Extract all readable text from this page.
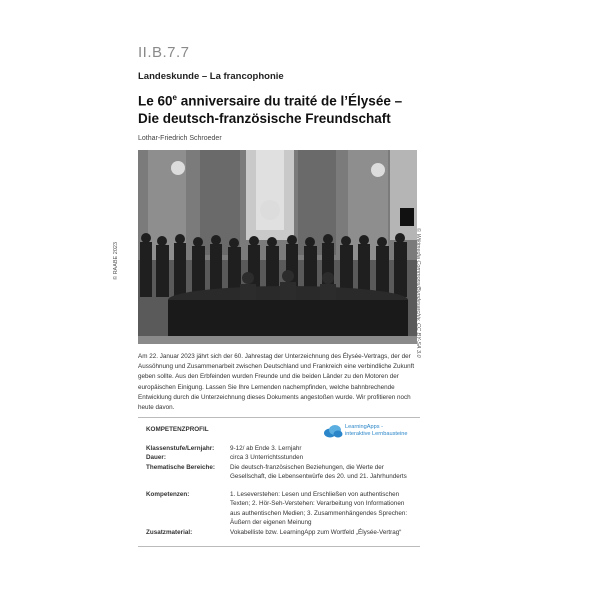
II.B.7.7
Landeskunde – La francophonie
Le 60e anniversaire du traité de l’Élysée –
Die deutsch-französische Freundschaft
Lothar-Friedrich Schroeder
© RAABE 2023	© Wikimedia Commons/Bundesarchiv, CC BY-SA 3.0
Am 22. Januar 2023 jährt sich der 60. Jahrestag der Unterzeichnung des Élysée-Vertrags, der der Aussöhnung und Zusammenarbeit zwischen Deutschland und Frankreich eine verbindliche Zukunft geben sollte. Aus den Erbfeinden wurden Freunde und die beiden Länder zu den Motoren der europäischen Einigung. Lassen Sie Ihre Lernenden nachempfinden, welche bahnbrechende Entwicklung durch die Unterzeichnung dieses Dokuments angestoßen wurde. Wir profitieren noch heute davon.
KOMPETENZPROFIL	LearningApps -
interaktive Lernbausteine
Klassenstufe/Lernjahr:	9-12/ ab Ende 3. Lernjahr
Dauer:	circa 3 Unterrichtsstunden
Thematische Bereiche:	Die deutsch-französischen Beziehungen, die Werte der Gesellschaft, die Lebensentwürfe des 20. und 21. Jahrhunderts
Kompetenzen:	1. Leseverstehen: Lesen und Erschließen von authentischen Texten; 2. Hör-Seh-Verstehen: Verarbeitung von Informationen aus authentischen Medien; 3. Zusammenhängendes Sprechen: Äußern der eigenen Meinung
Zusatzmaterial:	Vokabelliste bzw. LearningApp zum Wortfeld „Élysée-Vertrag“
